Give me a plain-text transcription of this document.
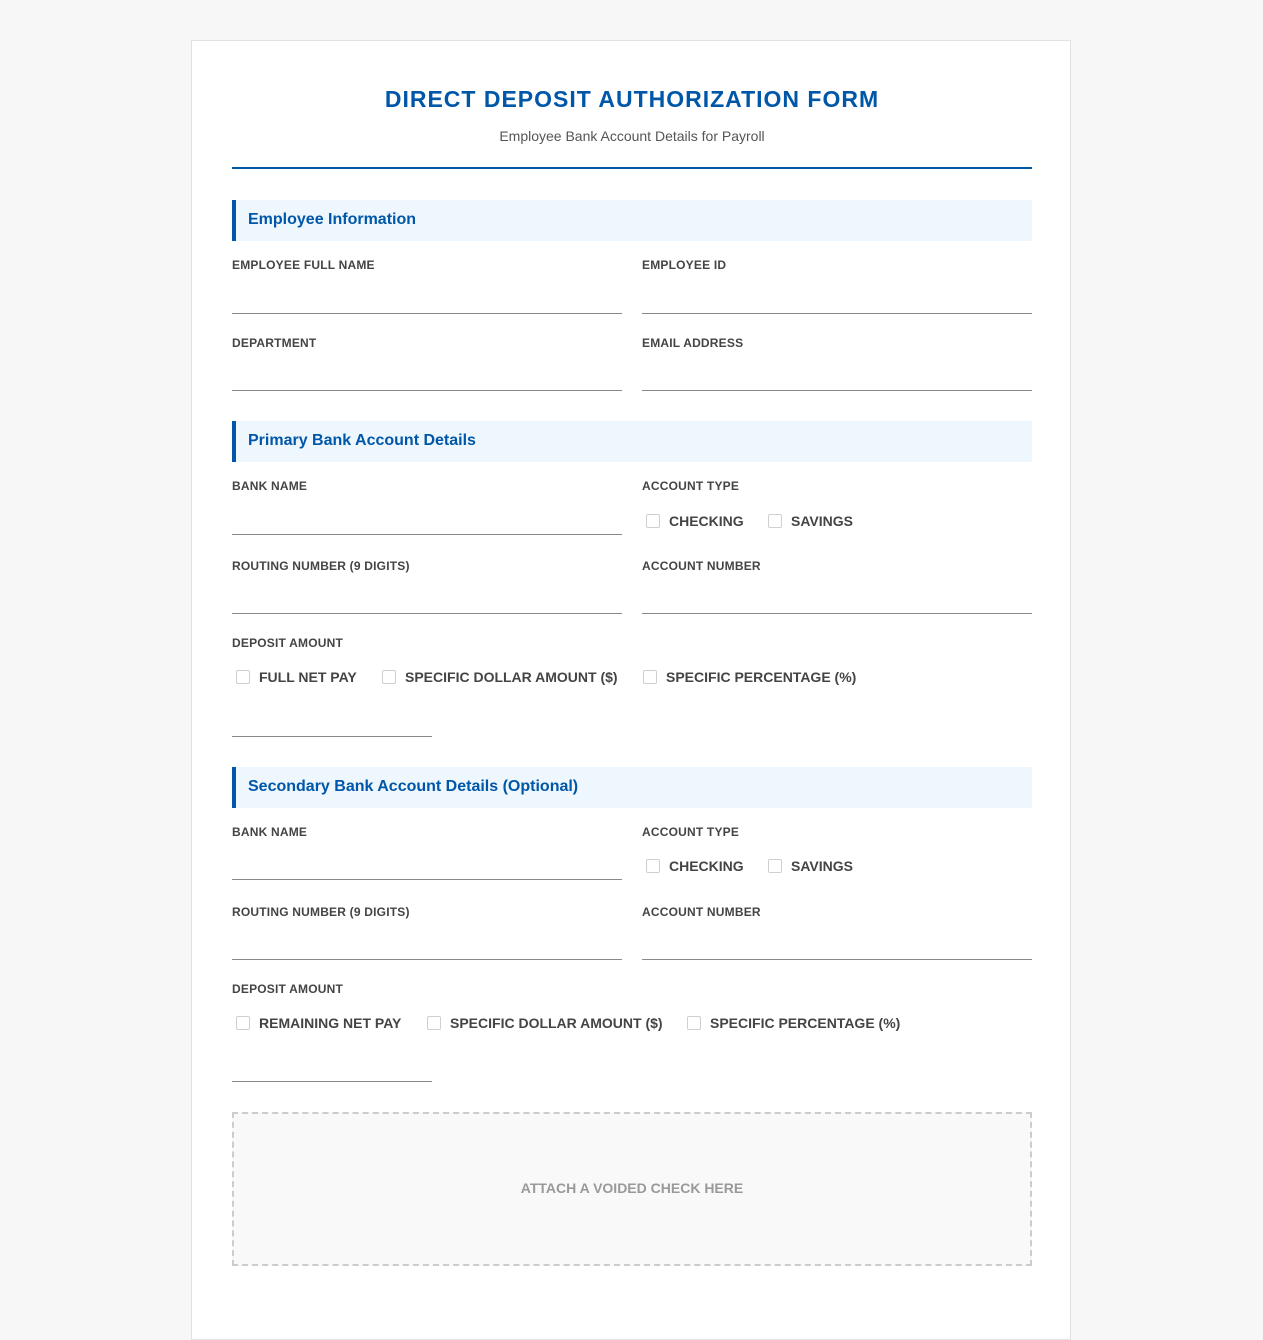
DIRECT DEPOSIT AUTHORIZATION FORM
Employee Bank Account Details for Payroll
Employee Information
EMPLOYEE FULL NAME	EMPLOYEE ID
DEPARTMENT	EMAIL ADDRESS
Primary Bank Account Details
BANK NAME	ACCOUNT TYPE
CHECKING	SAVINGS
ROUTING NUMBER (9 DIGITS)	ACCOUNT NUMBER
DEPOSIT AMOUNT
FULL NET PAY	SPECIFIC DOLLAR AMOUNT ($)	SPECIFIC PERCENTAGE (%)
Secondary Bank Account Details (Optional)
BANK NAME	ACCOUNT TYPE
CHECKING	SAVINGS
ROUTING NUMBER (9 DIGITS)	ACCOUNT NUMBER
DEPOSIT AMOUNT
REMAINING NET PAY	SPECIFIC DOLLAR AMOUNT ($)	SPECIFIC PERCENTAGE (%)
ATTACH A VOIDED CHECK HERE
